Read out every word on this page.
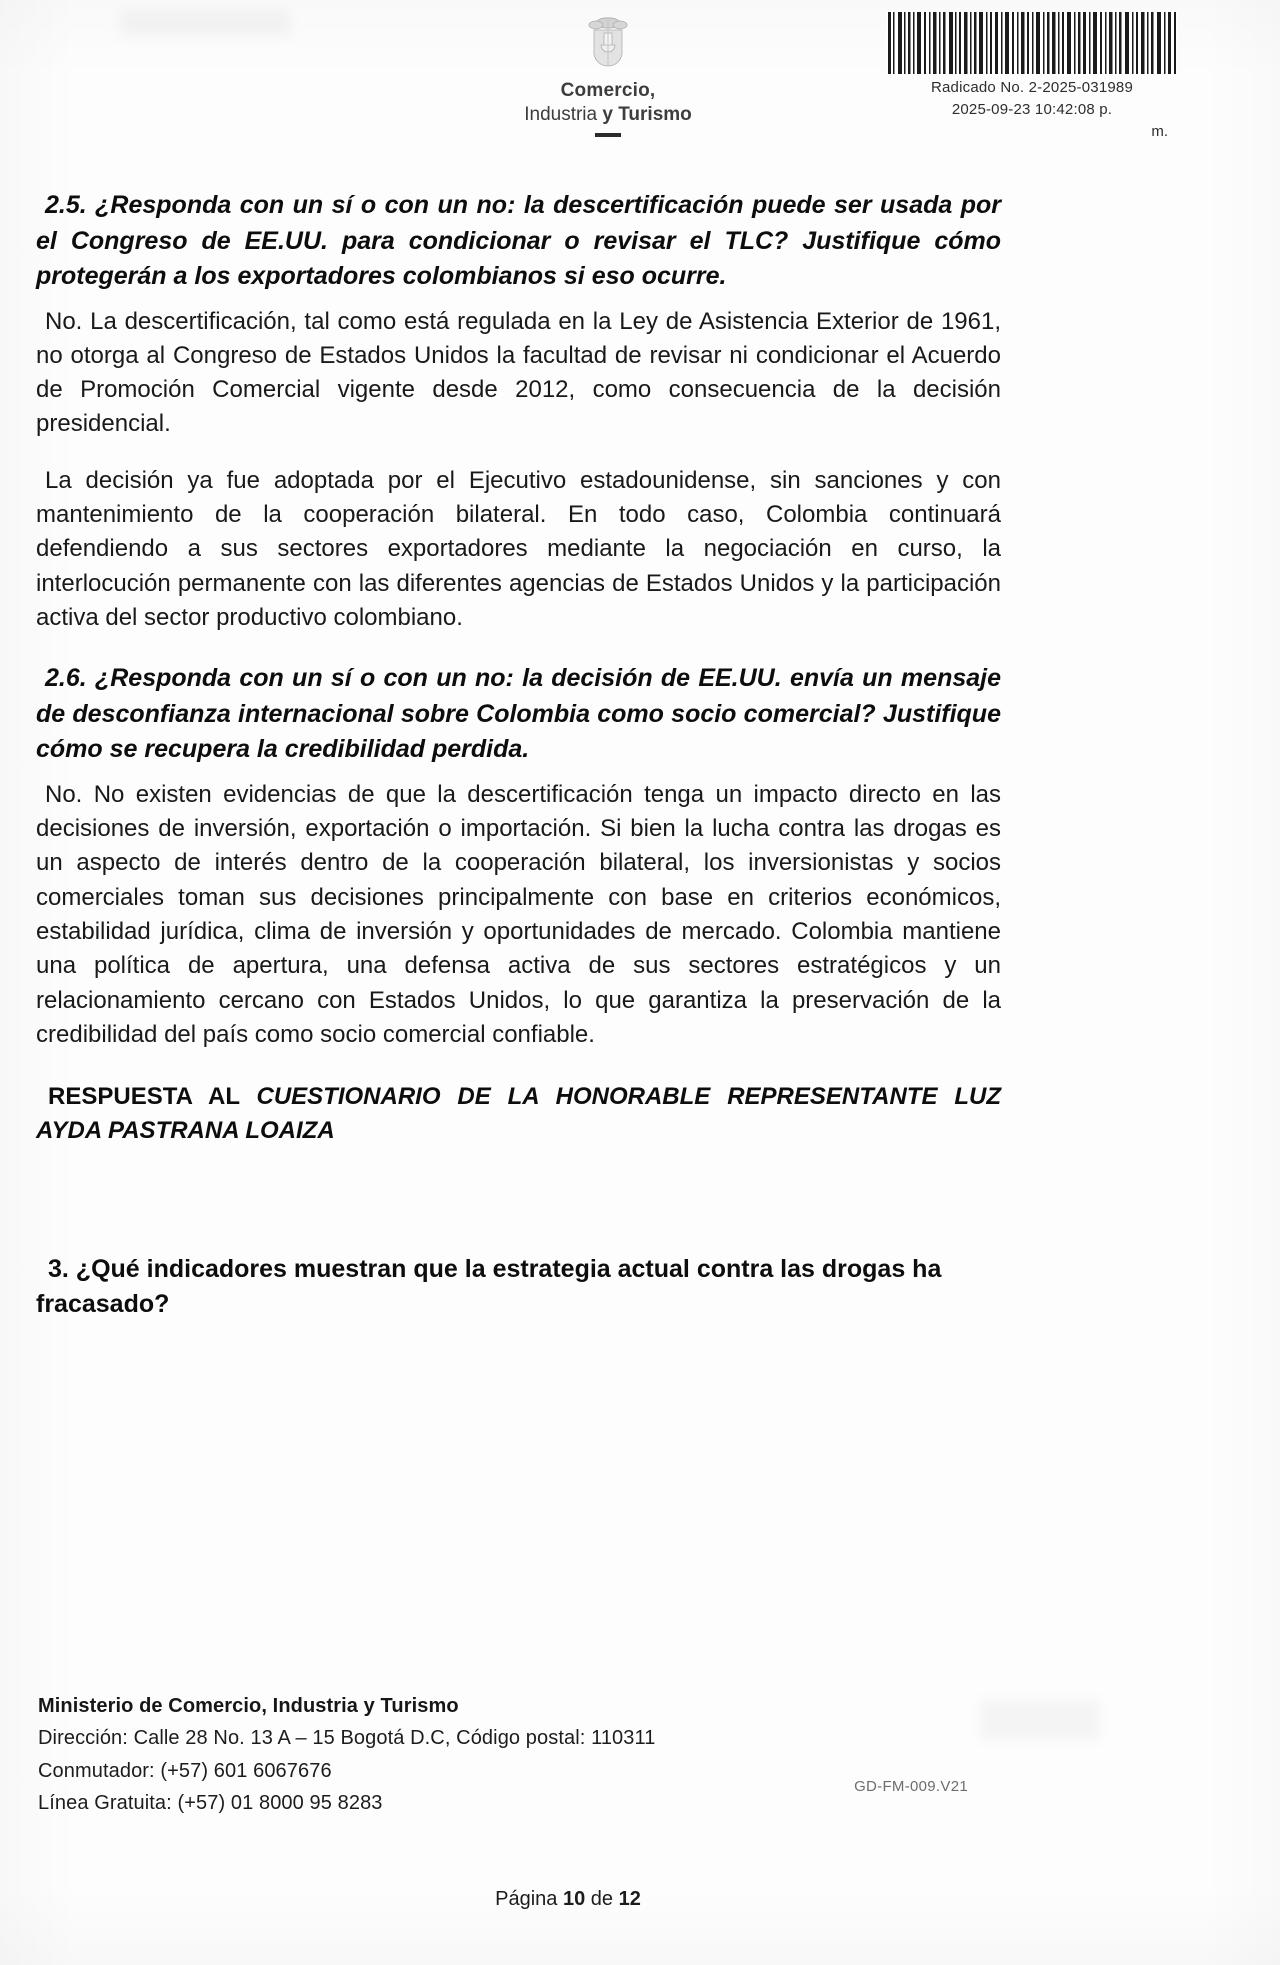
Comercio,
Industria y Turismo
Radicado No. 2-2025-031989
2025-09-23 10:42:08 p.
m.

2.5. ¿Responda con un sí o con un no: la descertificación puede ser usada por el Congreso de EE.UU. para condicionar o revisar el TLC? Justifique cómo protegerán a los exportadores colombianos si eso ocurre.

No. La descertificación, tal como está regulada en la Ley de Asistencia Exterior de 1961, no otorga al Congreso de Estados Unidos la facultad de revisar ni condicionar el Acuerdo de Promoción Comercial vigente desde 2012, como consecuencia de la decisión presidencial.

La decisión ya fue adoptada por el Ejecutivo estadounidense, sin sanciones y con mantenimiento de la cooperación bilateral. En todo caso, Colombia continuará defendiendo a sus sectores exportadores mediante la negociación en curso, la interlocución permanente con las diferentes agencias de Estados Unidos y la participación activa del sector productivo colombiano.

2.6. ¿Responda con un sí o con un no: la decisión de EE.UU. envía un mensaje de desconfianza internacional sobre Colombia como socio comercial? Justifique cómo se recupera la credibilidad perdida.

No. No existen evidencias de que la descertificación tenga un impacto directo en las decisiones de inversión, exportación o importación. Si bien la lucha contra las drogas es un aspecto de interés dentro de la cooperación bilateral, los inversionistas y socios comerciales toman sus decisiones principalmente con base en criterios económicos, estabilidad jurídica, clima de inversión y oportunidades de mercado. Colombia mantiene una política de apertura, una defensa activa de sus sectores estratégicos y un relacionamiento cercano con Estados Unidos, lo que garantiza la preservación de la credibilidad del país como socio comercial confiable.

RESPUESTA AL CUESTIONARIO DE LA HONORABLE REPRESENTANTE LUZ AYDA PASTRANA LOAIZA

3. ¿Qué indicadores muestran que la estrategia actual contra las drogas ha fracasado?

Ministerio de Comercio, Industria y Turismo
Dirección: Calle 28 No. 13 A – 15 Bogotá D.C, Código postal: 110311
Conmutador: (+57) 601 6067676
Línea Gratuita: (+57) 01 8000 95 8283
GD-FM-009.V21
Página 10 de 12
